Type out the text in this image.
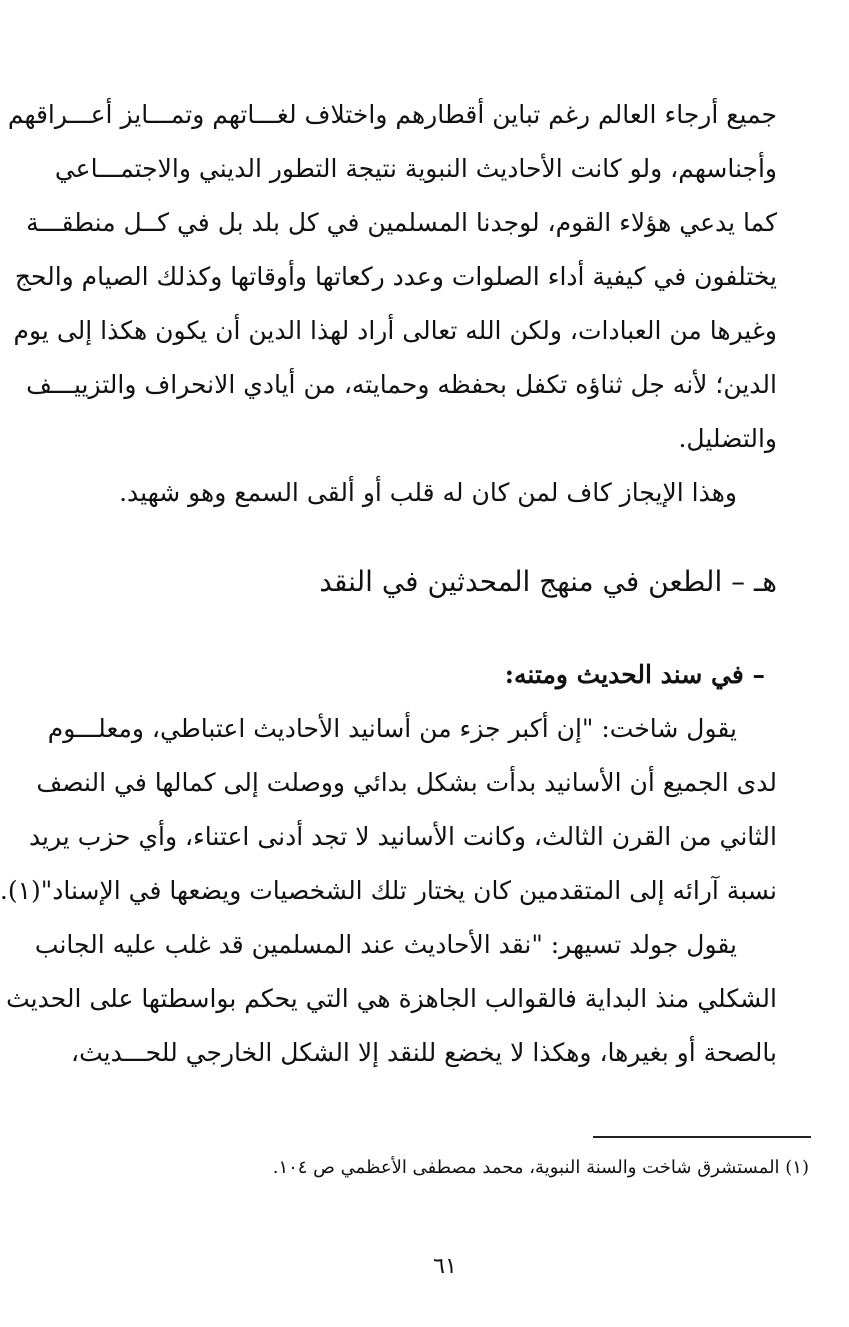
جميع أرجاء العالم رغم تباين أقطارهم واختلاف لغـــاتهم وتمـــايز أعـــراقهم
وأجناسهم، ولو كانت الأحاديث النبوية نتيجة التطور الديني والاجتمـــاعي
كما يدعي هؤلاء القوم، لوجدنا المسلمين في كل بلد بل في كــل منطقـــة
يختلفون في كيفية أداء الصلوات وعدد ركعاتها وأوقاتها وكذلك الصيام والحج
وغيرها من العبادات، ولكن الله تعالى أراد لهذا الدين أن يكون هكذا إلى يوم
الدين؛ لأنه جل ثناؤه تكفل بحفظه وحمايته، من أيادي الانحراف والتزييـــف
والتضليل.
وهذا الإيجاز كاف لمن كان له قلب أو ألقى السمع وهو شهيد.
هـ – الطعن في منهج المحدثين في النقد
– في سند الحديث ومتنه:
يقول شاخت: "إن أكبر جزء من أسانيد الأحاديث اعتباطي، ومعلـــوم
لدى الجميع أن الأسانيد بدأت بشكل بدائي ووصلت إلى كمالها في النصف
الثاني من القرن الثالث، وكانت الأسانيد لا تجد أدنى اعتناء، وأي حزب يريد
نسبة آرائه إلى المتقدمين كان يختار تلك الشخصيات ويضعها في الإسناد"(١).
يقول جولد تسيهر: "نقد الأحاديث عند المسلمين قد غلب عليه الجانب
الشكلي منذ البداية فالقوالب الجاهزة هي التي يحكم بواسطتها على الحديث
بالصحة أو بغيرها، وهكذا لا يخضع للنقد إلا الشكل الخارجي للحـــديث،
(١) المستشرق شاخت والسنة النبوية، محمد مصطفى الأعظمي ص ١٠٤.
٦١
